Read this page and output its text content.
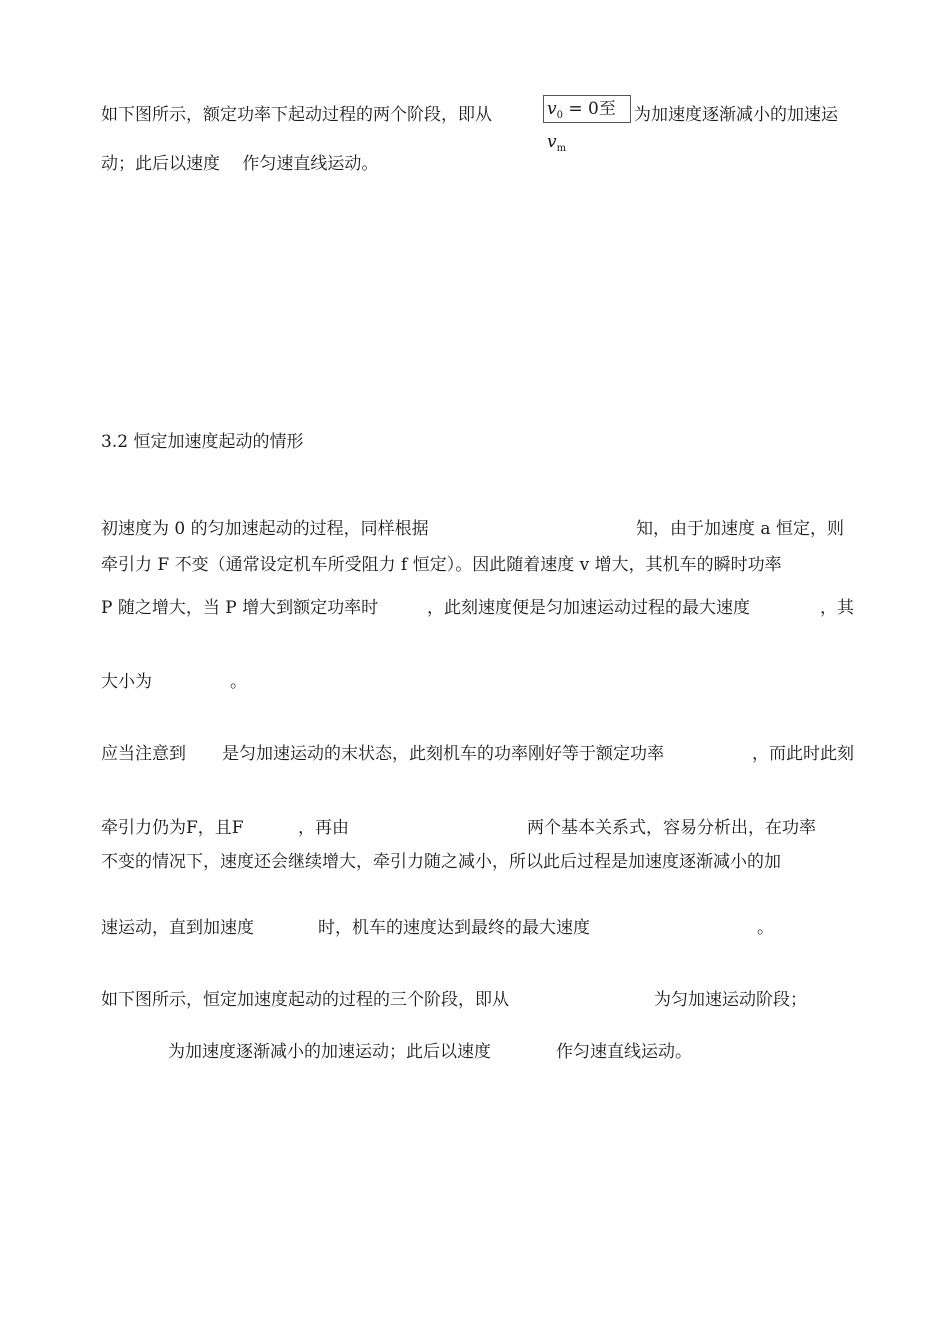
如下图所示，额定功率下起动过程的两个阶段，即从	$v_0 = 0$至$v_m$
为加速度逐渐减小的加速运
动；此后以速度　 作匀速直线运动。
3.2 恒定加速度起动的情形
初速度为 0 的匀加速起动的过程，同样根据	知，由于加速度 a 恒定，则
牵引力 F 不变（通常设定机车所受阻力 f 恒定）。因此随着速度 v 增大，其机车的瞬时功率
P 随之增大，当 P 增大到额定功率时	，此刻速度便是匀加速运动过程的最大速度	，其
大小为	。
应当注意到 是匀加速运动的末状态，此刻机车的功率刚好等于额定功率	，而此时此刻
牵引力仍为F，且F	，再由	两个基本关系式，容易分析出，在功率
不变的情况下，速度还会继续增大，牵引力随之减小，所以此后过程是加速度逐渐减小的加
速运动，直到加速度	时，机车的速度达到最终的最大速度	。
如下图所示，恒定加速度起动的过程的三个阶段，即从	为匀加速运动阶段；
为加速度逐渐减小的加速运动；此后以速度	作匀速直线运动。
